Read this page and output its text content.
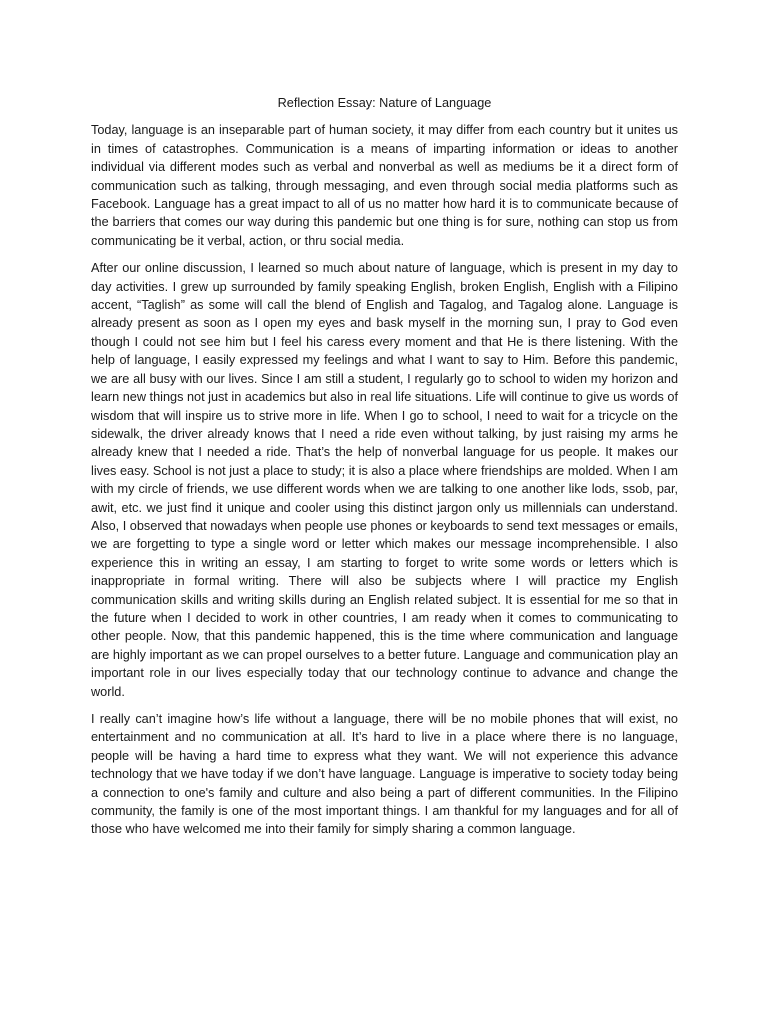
Reflection Essay: Nature of Language

Today, language is an inseparable part of human society, it may differ from each country but it unites us in times of catastrophes. Communication is a means of imparting information or ideas to another individual via different modes such as verbal and nonverbal as well as mediums be it a direct form of communication such as talking, through messaging, and even through social media platforms such as Facebook. Language has a great impact to all of us no matter how hard it is to communicate because of the barriers that comes our way during this pandemic but one thing is for sure, nothing can stop us from communicating be it verbal, action, or thru social media.

After our online discussion, I learned so much about nature of language, which is present in my day to day activities. I grew up surrounded by family speaking English, broken English, English with a Filipino accent, “Taglish” as some will call the blend of English and Tagalog, and Tagalog alone. Language is already present as soon as I open my eyes and bask myself in the morning sun, I pray to God even though I could not see him but I feel his caress every moment and that He is there listening. With the help of language, I easily expressed my feelings and what I want to say to Him. Before this pandemic, we are all busy with our lives. Since I am still a student, I regularly go to school to widen my horizon and learn new things not just in academics but also in real life situations. Life will continue to give us words of wisdom that will inspire us to strive more in life. When I go to school, I need to wait for a tricycle on the sidewalk, the driver already knows that I need a ride even without talking, by just raising my arms he already knew that I needed a ride. That’s the help of nonverbal language for us people. It makes our lives easy. School is not just a place to study; it is also a place where friendships are molded. When I am with my circle of friends, we use different words when we are talking to one another like lods, ssob, par, awit, etc. we just find it unique and cooler using this distinct jargon only us millennials can understand. Also, I observed that nowadays when people use phones or keyboards to send text messages or emails, we are forgetting to type a single word or letter which makes our message incomprehensible. I also experience this in writing an essay, I am starting to forget to write some words or letters which is inappropriate in formal writing. There will also be subjects where I will practice my English communication skills and writing skills during an English related subject. It is essential for me so that in the future when I decided to work in other countries, I am ready when it comes to communicating to other people. Now, that this pandemic happened, this is the time where communication and language are highly important as we can propel ourselves to a better future. Language and communication play an important role in our lives especially today that our technology continue to advance and change the world.

I really can’t imagine how’s life without a language, there will be no mobile phones that will exist, no entertainment and no communication at all. It’s hard to live in a place where there is no language, people will be having a hard time to express what they want. We will not experience this advance technology that we have today if we don’t have language. Language is imperative to society today being a connection to one's family and culture and also being a part of different communities. In the Filipino community, the family is one of the most important things. I am thankful for my languages and for all of those who have welcomed me into their family for simply sharing a common language.
